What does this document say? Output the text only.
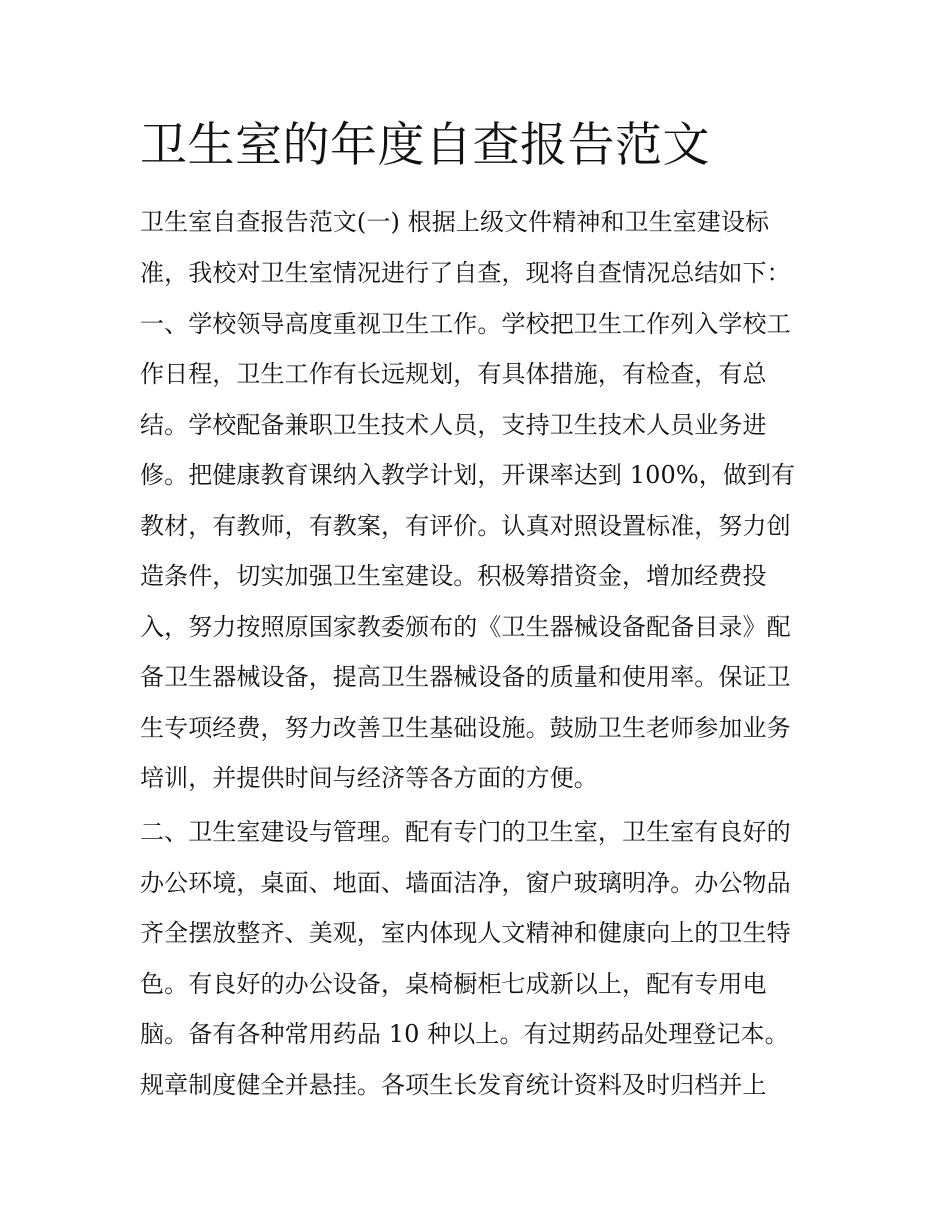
卫生室的年度自查报告范文

卫生室自查报告范文(一) 根据上级文件精神和卫生室建设标

准，我校对卫生室情况进行了自查，现将自查情况总结如下：

一、学校领导高度重视卫生工作。学校把卫生工作列入学校工

作日程，卫生工作有长远规划，有具体措施，有检查，有总

结。学校配备兼职卫生技术人员，支持卫生技术人员业务进

修。把健康教育课纳入教学计划，开课率达到 100%，做到有

教材，有教师，有教案，有评价。认真对照设置标准，努力创

造条件，切实加强卫生室建设。积极筹措资金，增加经费投

入，努力按照原国家教委颁布的《卫生器械设备配备目录》配

备卫生器械设备，提高卫生器械设备的质量和使用率。保证卫

生专项经费，努力改善卫生基础设施。鼓励卫生老师参加业务

培训，并提供时间与经济等各方面的方便。

二、卫生室建设与管理。配有专门的卫生室，卫生室有良好的

办公环境，桌面、地面、墙面洁净，窗户玻璃明净。办公物品

齐全摆放整齐、美观，室内体现人文精神和健康向上的卫生特

色。有良好的办公设备，桌椅橱柜七成新以上，配有专用电

脑。备有各种常用药品 10 种以上。有过期药品处理登记本。

规章制度健全并悬挂。各项生长发育统计资料及时归档并上
